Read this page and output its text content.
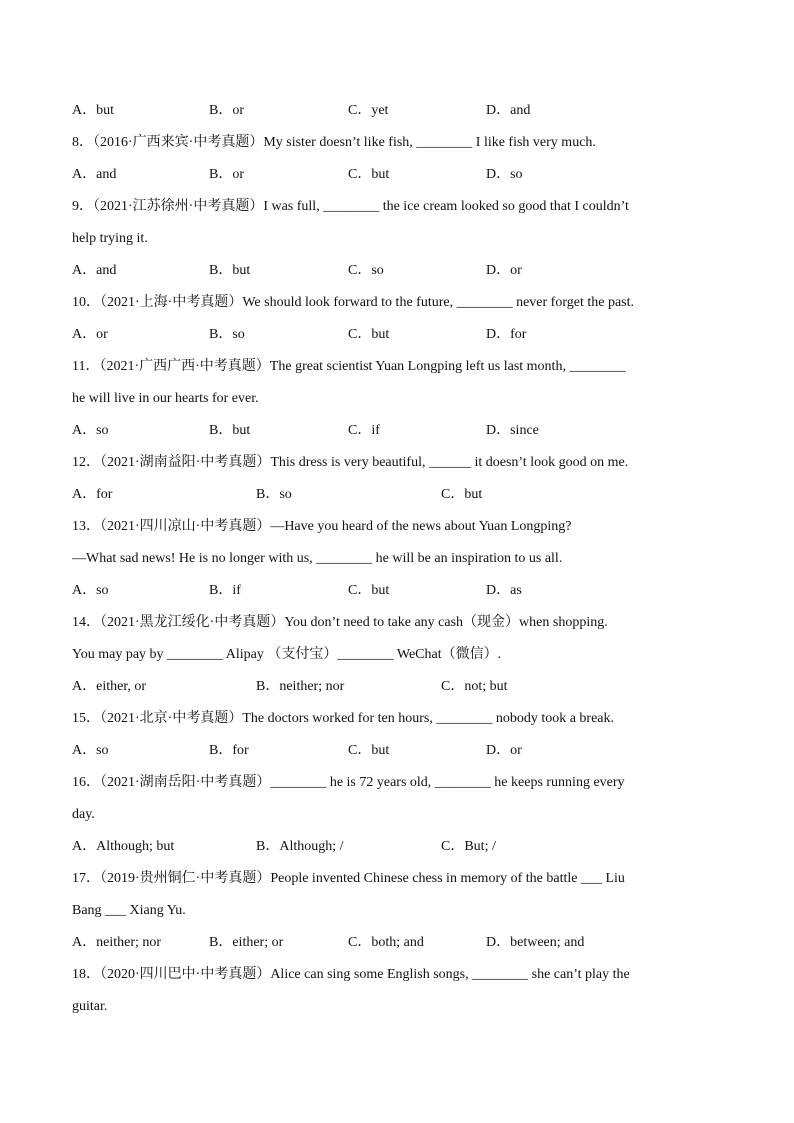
A．but	B．or	C．yet	D．and
8．（2016·广西来宾·中考真题）My sister doesn’t like fish, ________ I like fish very much.
A．and	B．or	C．but	D．so
9．（2021·江苏徐州·中考真题）I was full, ________ the ice cream looked so good that I couldn’t
help trying it.
A．and	B．but	C．so	D．or
10．（2021·上海·中考真题）We should look forward to the future, ________ never forget the past.
A．or	B．so	C．but	D．for
11．（2021·广西广西·中考真题）The great scientist Yuan Longping left us last month, ________
he will live in our hearts for ever.
A．so	B．but	C．if	D．since
12．（2021·湖南益阳·中考真题）This dress is very beautiful, ______ it doesn’t look good on me.
A．for	B．so	C．but
13．（2021·四川凉山·中考真题）—Have you heard of the news about Yuan Longping?
—What sad news! He is no longer with us, ________ he will be an inspiration to us all.
A．so	B．if	C．but	D．as
14．（2021·黑龙江绥化·中考真题）You don’t need to take any cash（现金）when shopping.
You may pay by ________ Alipay （支付宝）________ WeChat（微信）.
A．either, or	B．neither; nor	C．not; but
15．（2021·北京·中考真题）The doctors worked for ten hours, ________ nobody took a break.
A．so	B．for	C．but	D．or
16．（2021·湖南岳阳·中考真题）________ he is 72 years old, ________ he keeps running every
day.
A．Although; but	B．Although; /	C．But; /
17．（2019·贵州铜仁·中考真题）People invented Chinese chess in memory of the battle ___ Liu
Bang ___ Xiang Yu.
A．neither; nor	B．either; or	C．both; and	D．between; and
18．（2020·四川巴中·中考真题）Alice can sing some English songs, ________ she can’t play the
guitar.
